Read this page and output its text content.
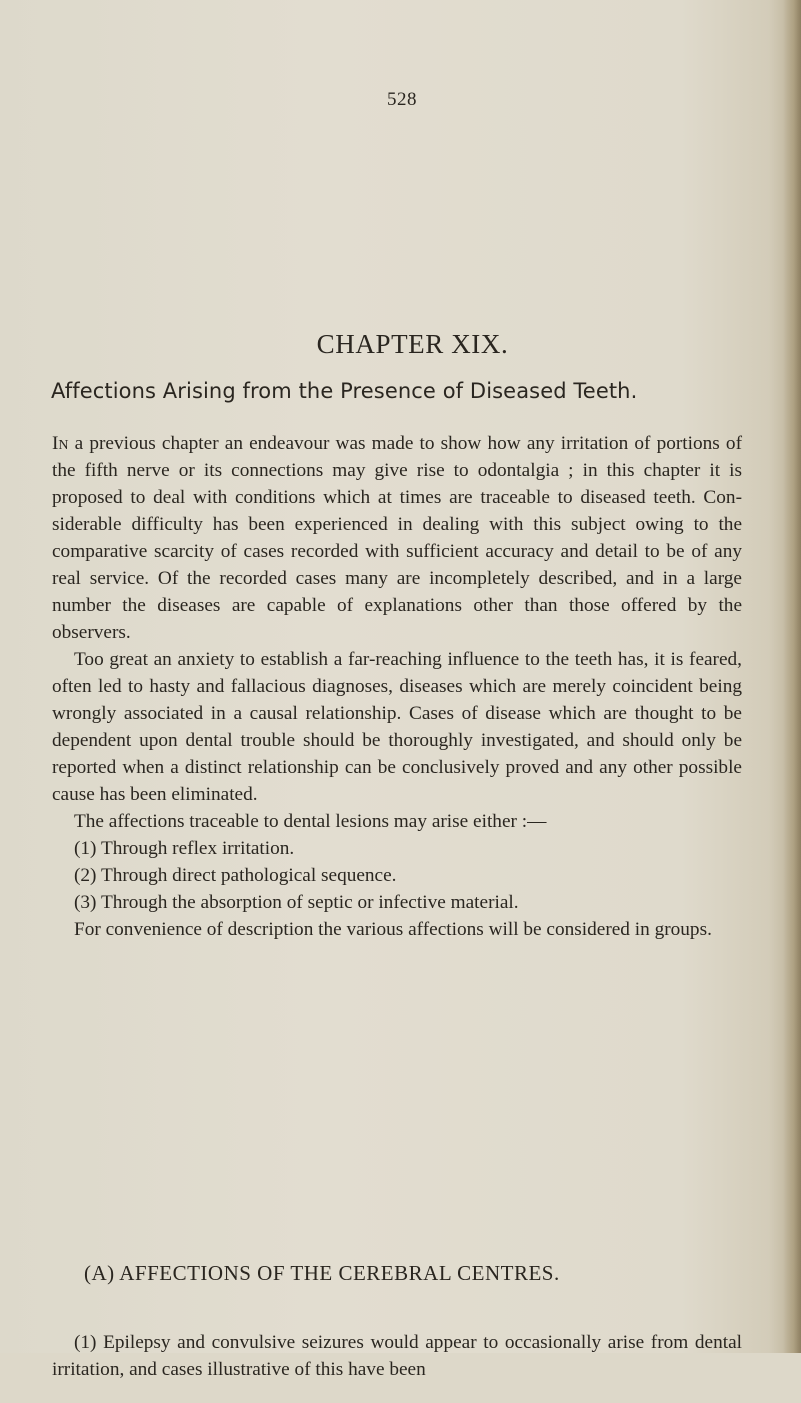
528
CHAPTER XIX.
Affections Arising from the Presence of Diseased Teeth.

In a previous chapter an endeavour was made to show how any irritation of portions of the fifth nerve or its connections may give rise to odontalgia ; in this chapter it is proposed to deal with conditions which at times are traceable to diseased teeth. Considerable difficulty has been experienced in dealing with this subject owing to the comparative scarcity of cases recorded with sufficient accuracy and detail to be of any real service. Of the recorded cases many are incompletely described, and in a large number the diseases are capable of explanations other than those offered by the observers.

Too great an anxiety to establish a far-reaching influence to the teeth has, it is feared, often led to hasty and fallacious diagnoses, diseases which are merely coincident being wrongly associated in a causal relationship. Cases of disease which are thought to be dependent upon dental trouble should be thoroughly investigated, and should only be reported when a distinct relationship can be conclusively proved and any other possible cause has been eliminated.

The affections traceable to dental lesions may arise either :—

(1) Through reflex irritation.

(2) Through direct pathological sequence.

(3) Through the absorption of septic or infective material.

For convenience of description the various affections will be considered in groups.

(A) AFFECTIONS OF THE CEREBRAL CENTRES.

(1) Epilepsy and convulsive seizures would appear to occasionally arise from dental irritation, and cases illustrative of this have been
